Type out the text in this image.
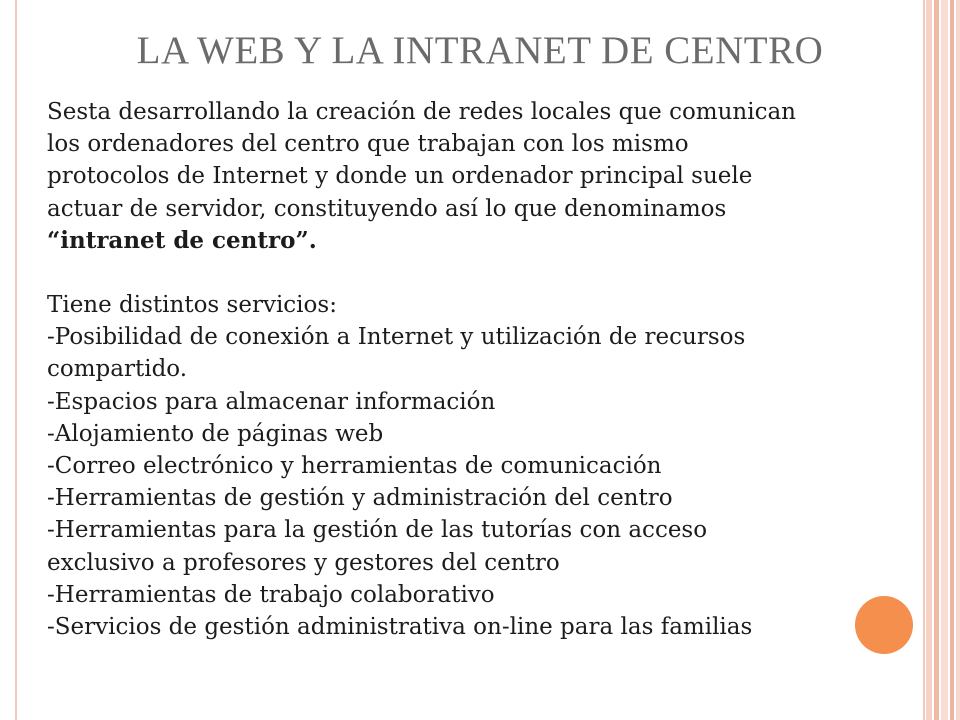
LA WEB Y LA INTRANET DE CENTRO

Sesta desarrollando la creación de redes locales que comunican

los ordenadores del centro que trabajan con los mismo

protocolos de Internet y donde un ordenador principal suele

actuar de servidor, constituyendo así lo que denominamos

“intranet de centro”.

Tiene distintos servicios:

-Posibilidad de conexión a Internet y utilización de recursos

compartido.

-Espacios para almacenar información

-Alojamiento de páginas web

-Correo electrónico y herramientas de comunicación

-Herramientas de gestión y administración del centro

-Herramientas para la gestión de las tutorías con acceso

exclusivo a profesores y gestores del centro

-Herramientas de trabajo colaborativo

-Servicios de gestión administrativa on-line para las familias
